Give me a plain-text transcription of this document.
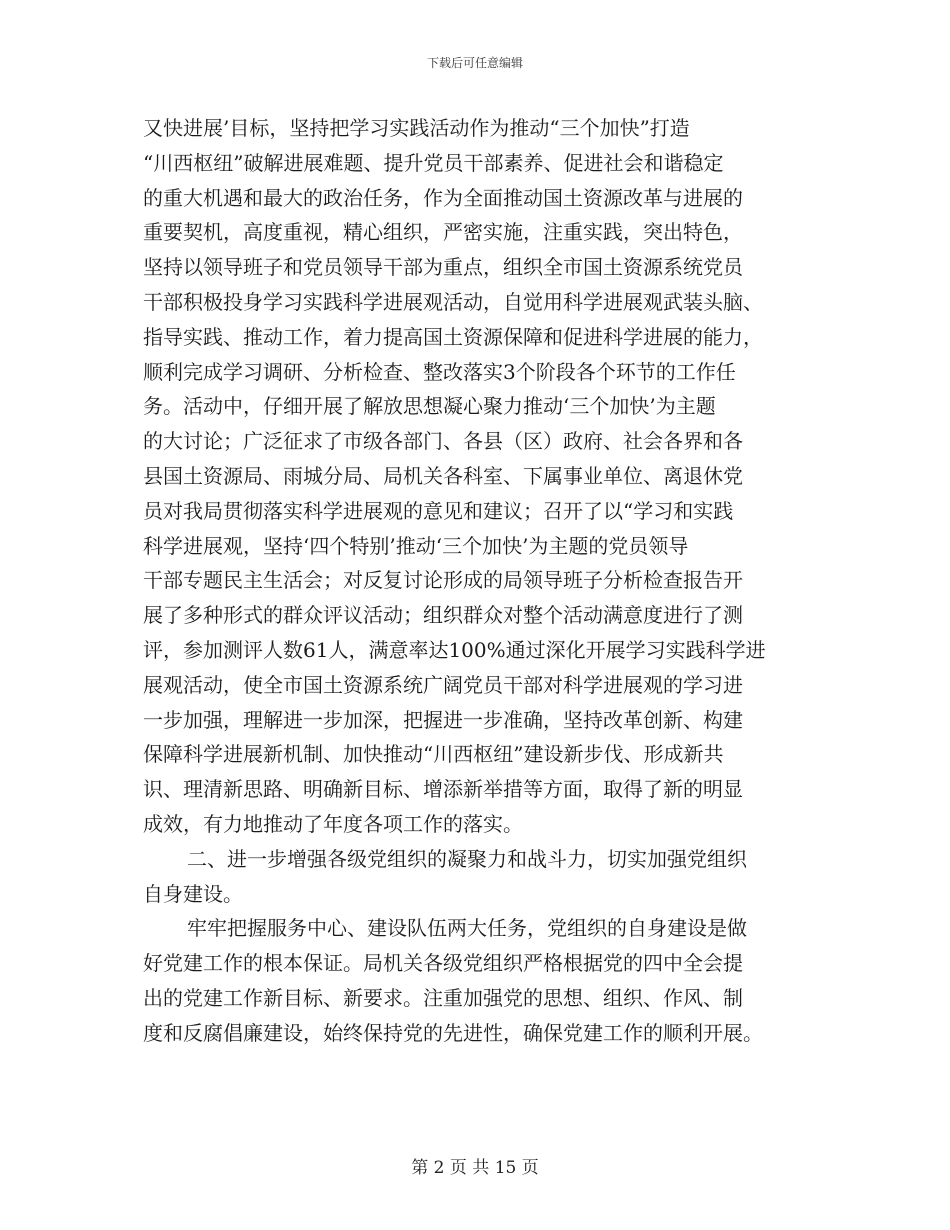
下载后可任意编辑
又快进展’目标，坚持把学习实践活动作为推动“三个加快”打造
“川西枢纽”破解进展难题、提升党员干部素养、促进社会和谐稳定
的重大机遇和最大的政治任务，作为全面推动国土资源改革与进展的
重要契机，高度重视，精心组织，严密实施，注重实践，突出特色，
坚持以领导班子和党员领导干部为重点，组织全市国土资源系统党员
干部积极投身学习实践科学进展观活动，自觉用科学进展观武装头脑、
指导实践、推动工作，着力提高国土资源保障和促进科学进展的能力，
顺利完成学习调研、分析检查、整改落实3个阶段各个环节的工作任
务。活动中，仔细开展了解放思想凝心聚力推动‘三个加快’为主题
的大讨论；广泛征求了市级各部门、各县（区）政府、社会各界和各
县国土资源局、雨城分局、局机关各科室、下属事业单位、离退休党
员对我局贯彻落实科学进展观的意见和建议；召开了以“学习和实践
科学进展观，坚持‘四个特别’推动‘三个加快’为主题的党员领导
干部专题民主生活会；对反复讨论形成的局领导班子分析检查报告开
展了多种形式的群众评议活动；组织群众对整个活动满意度进行了测
评，参加测评人数61人，满意率达100%通过深化开展学习实践科学进
展观活动，使全市国土资源系统广阔党员干部对科学进展观的学习进
一步加强，理解进一步加深，把握进一步准确，坚持改革创新、构建
保障科学进展新机制、加快推动“川西枢纽”建设新步伐、形成新共
识、理清新思路、明确新目标、增添新举措等方面，取得了新的明显
成效，有力地推动了年度各项工作的落实。
二、进一步增强各级党组织的凝聚力和战斗力，切实加强党组织
自身建设。
牢牢把握服务中心、建设队伍两大任务，党组织的自身建设是做
好党建工作的根本保证。局机关各级党组织严格根据党的四中全会提
出的党建工作新目标、新要求。注重加强党的思想、组织、作风、制
度和反腐倡廉建设，始终保持党的先进性，确保党建工作的顺利开展。
第 2 页 共 15 页
